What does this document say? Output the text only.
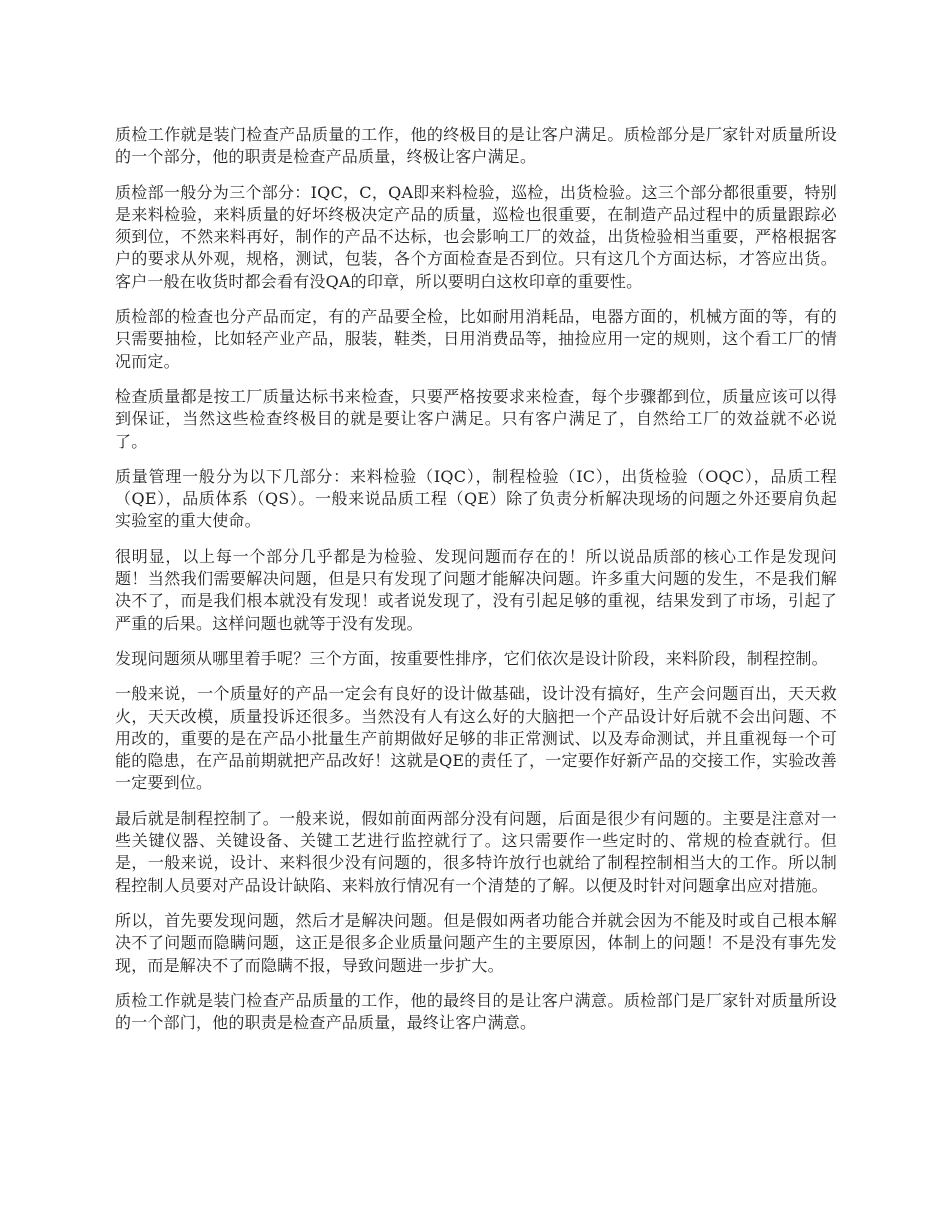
质检工作就是装门检查产品质量的工作，他的终极目的是让客户满足。质检部分是厂家针对质量所设的一个部分，他的职责是检查产品质量，终极让客户满足。

质检部一般分为三个部分：IQC，C，QA即来料检验，巡检，出货检验。这三个部分都很重要，特别是来料检验，来料质量的好坏终极决定产品的质量，巡检也很重要，在制造产品过程中的质量跟踪必须到位，不然来料再好，制作的产品不达标，也会影响工厂的效益，出货检验相当重要，严格根据客户的要求从外观，规格，测试，包装，各个方面检查是否到位。只有这几个方面达标，才答应出货。客户一般在收货时都会看有没QA的印章，所以要明白这枚印章的重要性。

质检部的检查也分产品而定，有的产品要全检，比如耐用消耗品，电器方面的，机械方面的等，有的只需要抽检，比如轻产业产品，服装，鞋类，日用消费品等，抽捡应用一定的规则，这个看工厂的情况而定。

检查质量都是按工厂质量达标书来检查，只要严格按要求来检查，每个步骤都到位，质量应该可以得到保证，当然这些检查终极目的就是要让客户满足。只有客户满足了，自然给工厂的效益就不必说了。

质量管理一般分为以下几部分：来料检验（IQC），制程检验（IC），出货检验（OQC），品质工程（QE），品质体系（QS）。一般来说品质工程（QE）除了负责分析解决现场的问题之外还要肩负起实验室的重大使命。

很明显，以上每一个部分几乎都是为检验、发现问题而存在的！所以说品质部的核心工作是发现问题！当然我们需要解决问题，但是只有发现了问题才能解决问题。许多重大问题的发生，不是我们解决不了，而是我们根本就没有发现！或者说发现了，没有引起足够的重视，结果发到了市场，引起了严重的后果。这样问题也就等于没有发现。

发现问题须从哪里着手呢？三个方面，按重要性排序，它们依次是设计阶段，来料阶段，制程控制。

一般来说，一个质量好的产品一定会有良好的设计做基础，设计没有搞好，生产会问题百出，天天救火，天天改模，质量投诉还很多。当然没有人有这么好的大脑把一个产品设计好后就不会出问题、不用改的，重要的是在产品小批量生产前期做好足够的非正常测试、以及寿命测试，并且重视每一个可能的隐患，在产品前期就把产品改好！这就是QE的责任了，一定要作好新产品的交接工作，实验改善一定要到位。

最后就是制程控制了。一般来说，假如前面两部分没有问题，后面是很少有问题的。主要是注意对一些关键仪器、关键设备、关键工艺进行监控就行了。这只需要作一些定时的、常规的检查就行。但是，一般来说，设计、来料很少没有问题的，很多特许放行也就给了制程控制相当大的工作。所以制程控制人员要对产品设计缺陷、来料放行情况有一个清楚的了解。以便及时针对问题拿出应对措施。

所以，首先要发现问题，然后才是解决问题。但是假如两者功能合并就会因为不能及时或自己根本解决不了问题而隐瞒问题，这正是很多企业质量问题产生的主要原因，体制上的问题！不是没有事先发现，而是解决不了而隐瞒不报，导致问题进一步扩大。

质检工作就是装门检查产品质量的工作，他的最终目的是让客户满意。质检部门是厂家针对质量所设的一个部门，他的职责是检查产品质量，最终让客户满意。
